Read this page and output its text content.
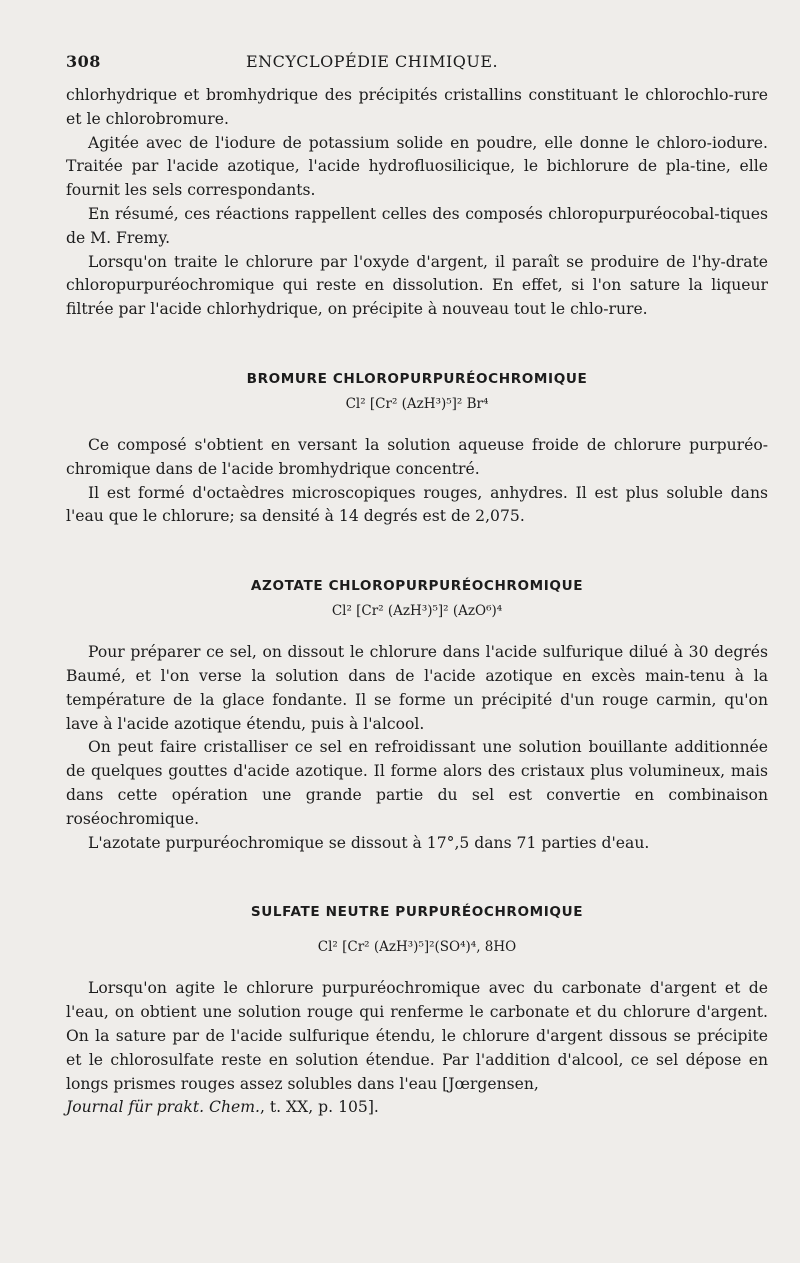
308	ENCYCLOPÉDIE CHIMIQUE.

chlorhydrique et bromhydrique des précipités cristallins constituant le chlorochlo-rure et le chlorobromure.

Agitée avec de l'iodure de potassium solide en poudre, elle donne le chloro-iodure. Traitée par l'acide azotique, l'acide hydrofluosilicique, le bichlorure de pla-tine, elle fournit les sels correspondants.

En résumé, ces réactions rappellent celles des composés chloropurpuréocobal-tiques de M. Fremy.

Lorsqu'on traite le chlorure par l'oxyde d'argent, il paraît se produire de l'hy-drate chloropurpuréochromique qui reste en dissolution. En effet, si l'on sature la liqueur filtrée par l'acide chlorhydrique, on précipite à nouveau tout le chlo-rure.

BROMURE CHLOROPURPURÉOCHROMIQUE
Cl² [Cr² (AzH³)⁵]² Br⁴

Ce composé s'obtient en versant la solution aqueuse froide de chlorure purpuréo-chromique dans de l'acide bromhydrique concentré.

Il est formé d'octaèdres microscopiques rouges, anhydres. Il est plus soluble dans l'eau que le chlorure; sa densité à 14 degrés est de 2,075.

AZOTATE CHLOROPURPURÉOCHROMIQUE
Cl² [Cr² (AzH³)⁵]² (AzO⁶)⁴

Pour préparer ce sel, on dissout le chlorure dans l'acide sulfurique dilué à 30 degrés Baumé, et l'on verse la solution dans de l'acide azotique en excès main-tenu à la température de la glace fondante. Il se forme un précipité d'un rouge carmin, qu'on lave à l'acide azotique étendu, puis à l'alcool.

On peut faire cristalliser ce sel en refroidissant une solution bouillante additionnée de quelques gouttes d'acide azotique. Il forme alors des cristaux plus volumineux, mais dans cette opération une grande partie du sel est convertie en combinaison roséochromique.

L'azotate purpuréochromique se dissout à 17°,5 dans 71 parties d'eau.

SULFATE NEUTRE PURPURÉOCHROMIQUE
Cl² [Cr² (AzH³)⁵]²(SO⁴)⁴, 8HO

Lorsqu'on agite le chlorure purpuréochromique avec du carbonate d'argent et de l'eau, on obtient une solution rouge qui renferme le carbonate et du chlorure d'argent. On la sature par de l'acide sulfurique étendu, le chlorure d'argent dissous se précipite et le chlorosulfate reste en solution étendue. Par l'addition d'alcool, ce sel dépose en longs prismes rouges assez solubles dans l'eau [Jœrgensen,

Journal für prakt. Chem., t. XX, p. 105].
